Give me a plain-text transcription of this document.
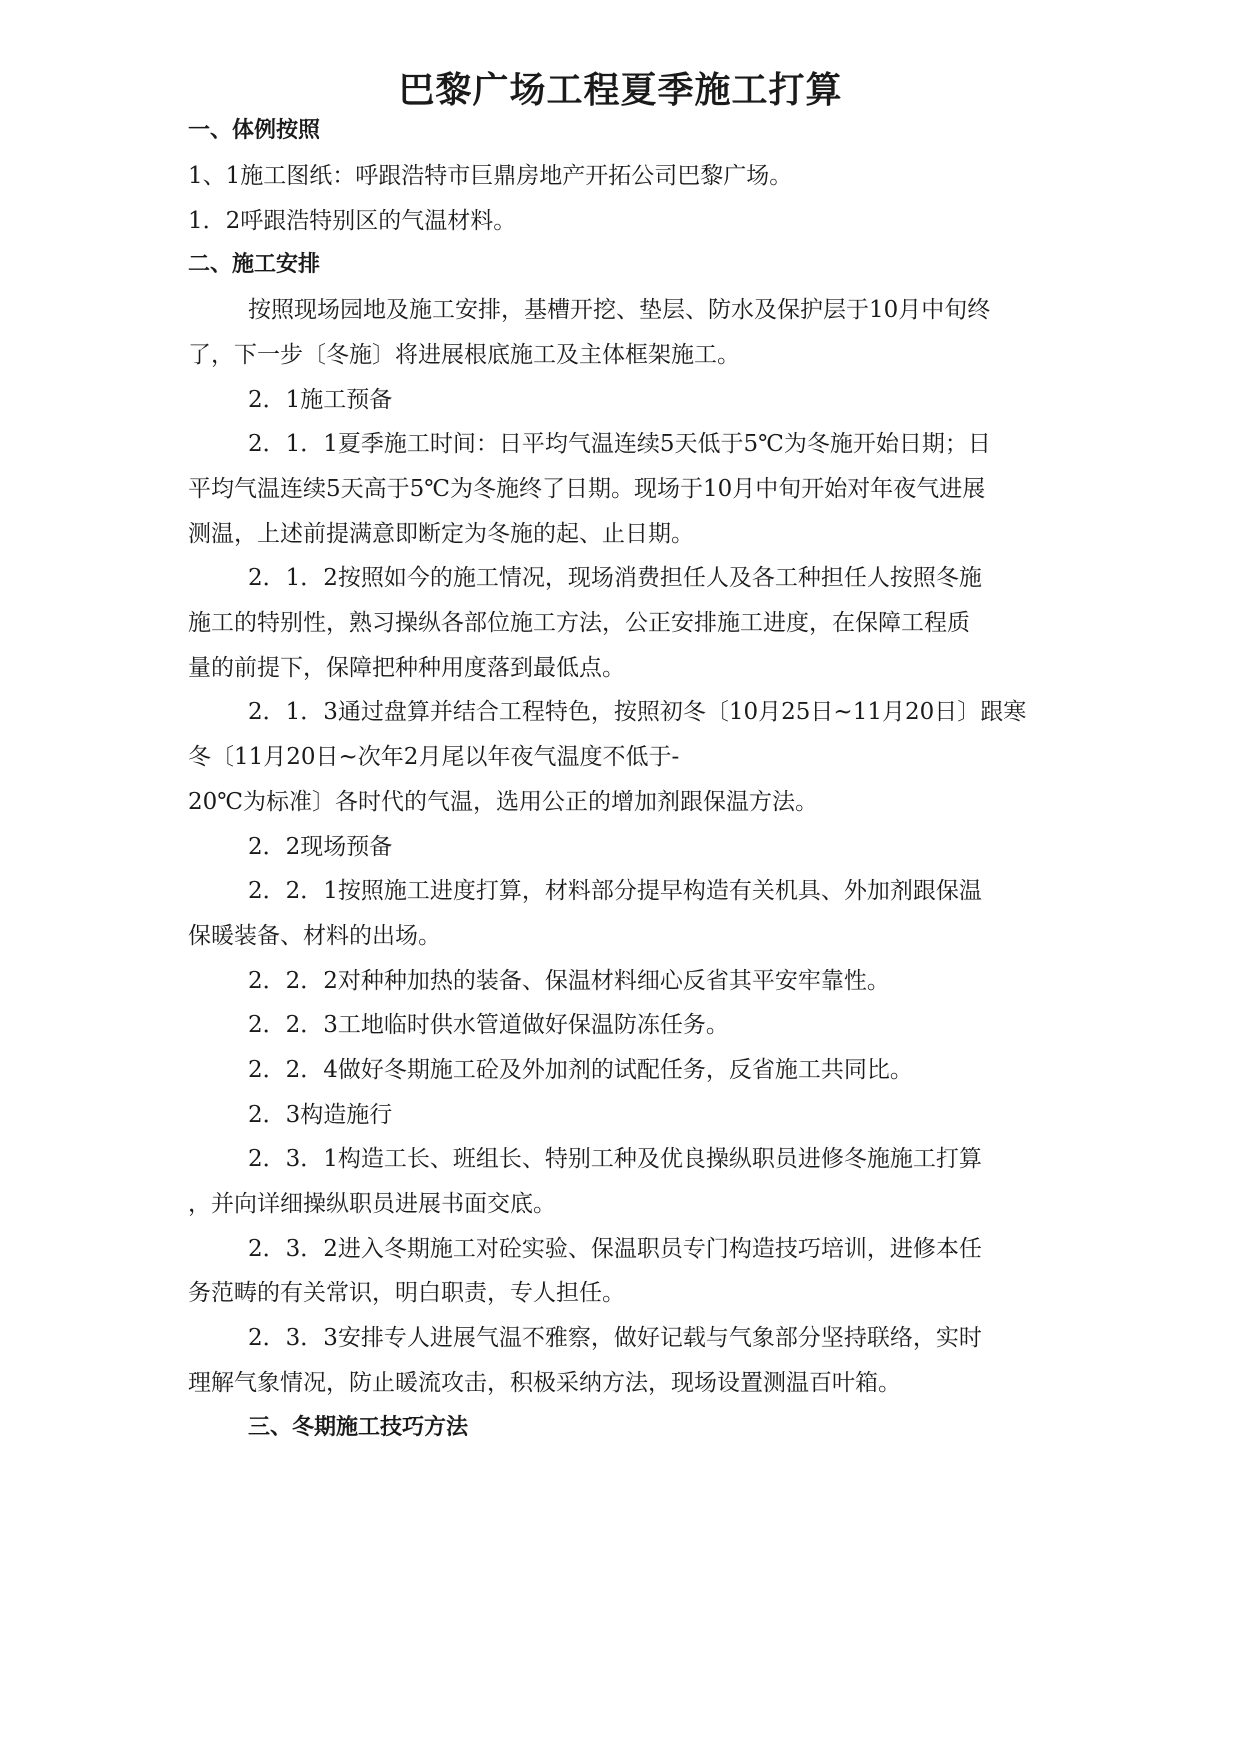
巴黎广场工程夏季施工打算
一、体例按照
1、1施工图纸：呼跟浩特市巨鼎房地产开拓公司巴黎广场。
1．2呼跟浩特别区的气温材料。
二、施工安排
按照现场园地及施工安排，基槽开挖、垫层、防水及保护层于10月中旬终
了，下一步〔冬施〕将进展根底施工及主体框架施工。
2．1施工预备
2．1．1夏季施工时间：日平均气温连续5天低于5℃为冬施开始日期；日
平均气温连续5天高于5℃为冬施终了日期。现场于10月中旬开始对年夜气进展
测温，上述前提满意即断定为冬施的起、止日期。
2．1．2按照如今的施工情况，现场消费担任人及各工种担任人按照冬施
施工的特别性，熟习操纵各部位施工方法，公正安排施工进度，在保障工程质
量的前提下，保障把种种用度落到最低点。
2．1．3通过盘算并结合工程特色，按照初冬〔10月25日~11月20日〕跟寒
冬〔11月20日~次年2月尾以年夜气温度不低于-
20℃为标准〕各时代的气温，选用公正的增加剂跟保温方法。
2．2现场预备
2．2．1按照施工进度打算，材料部分提早构造有关机具、外加剂跟保温
保暖装备、材料的出场。
2．2．2对种种加热的装备、保温材料细心反省其平安牢靠性。
2．2．3工地临时供水管道做好保温防冻任务。
2．2．4做好冬期施工砼及外加剂的试配任务，反省施工共同比。
2．3构造施行
2．3．1构造工长、班组长、特别工种及优良操纵职员进修冬施施工打算
，并向详细操纵职员进展书面交底。
2．3．2进入冬期施工对砼实验、保温职员专门构造技巧培训，进修本任
务范畴的有关常识，明白职责，专人担任。
2．3．3安排专人进展气温不雅察，做好记载与气象部分坚持联络，实时
理解气象情况，防止暖流攻击，积极采纳方法，现场设置测温百叶箱。
三、冬期施工技巧方法
